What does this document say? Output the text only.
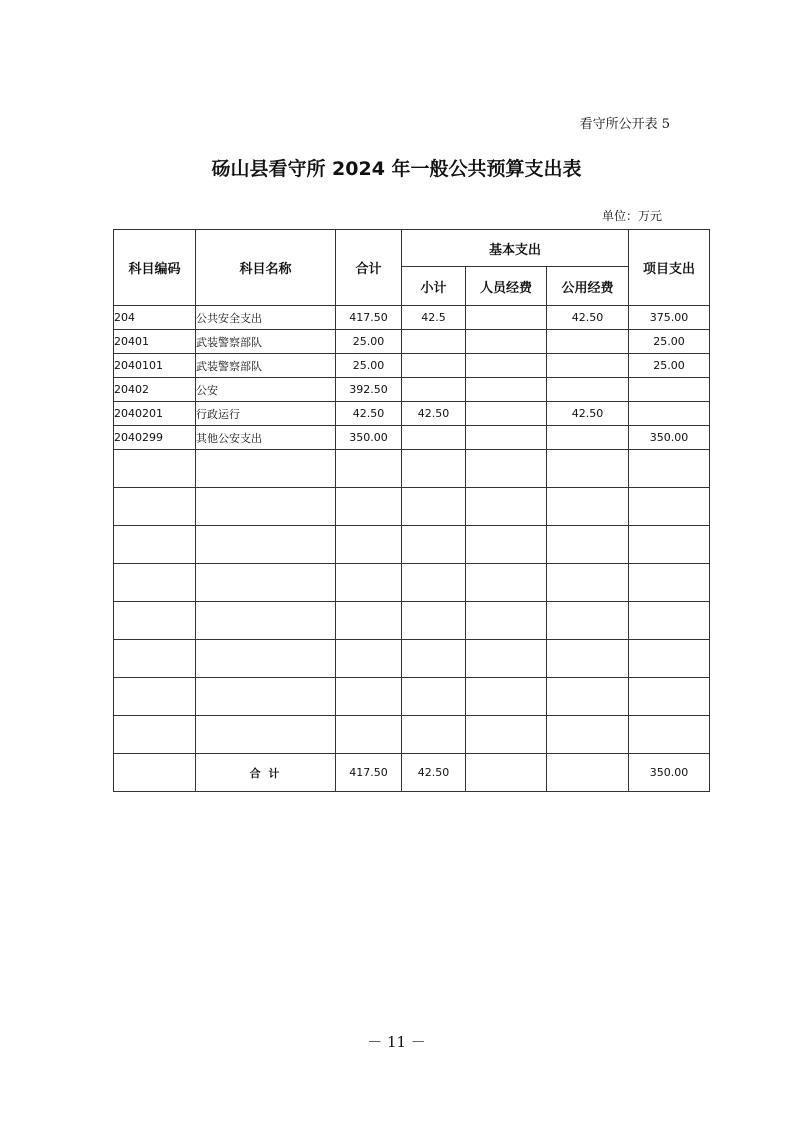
看守所公开表 5
砀山县看守所 2024 年一般公共预算支出表
单位：万元
科目编码	科目名称	合计	基本支出			项目支出
			小计	人员经费	公用经费	
204	公共安全支出	417.50	42.5		42.50	375.00
20401	武装警察部队	25.00				25.00
2040101	武装警察部队	25.00				25.00
20402	公安	392.50				
2040201	行政运行	42.50	42.50		42.50	
2040299	其他公安支出	350.00				350.00

	合 计	417.50	42.50			350.00
－ 11 －
